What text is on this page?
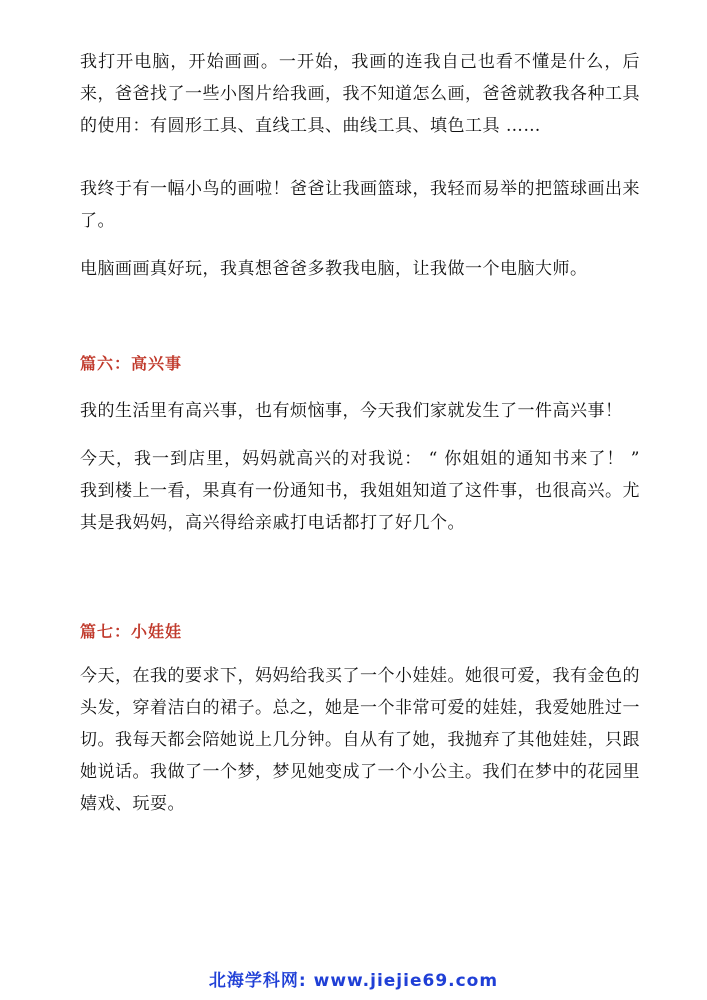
我打开电脑，开始画画。一开始，我画的连我自己也看不懂是什么，后来，爸爸找了一些小图片给我画，我不知道怎么画，爸爸就教我各种工具的使用：有圆形工具、直线工具、曲线工具、填色工具 ……

我终于有一幅小鸟的画啦！爸爸让我画篮球，我轻而易举的把篮球画出来了。

电脑画画真好玩，我真想爸爸多教我电脑，让我做一个电脑大师。

篇六：高兴事

我的生活里有高兴事，也有烦恼事，今天我们家就发生了一件高兴事！

今天，我一到店里，妈妈就高兴的对我说： “ 你姐姐的通知书来了！ ” 我到楼上一看，果真有一份通知书，我姐姐知道了这件事，也很高兴。尤其是我妈妈，高兴得给亲戚打电话都打了好几个。

篇七：小娃娃

今天，在我的要求下，妈妈给我买了一个小娃娃。她很可爱，我有金色的头发，穿着洁白的裙子。总之，她是一个非常可爱的娃娃，我爱她胜过一切。我每天都会陪她说上几分钟。自从有了她，我抛弃了其他娃娃，只跟她说话。我做了一个梦，梦见她变成了一个小公主。我们在梦中的花园里嬉戏、玩耍。

北海学科网: www.jiejie69.com
